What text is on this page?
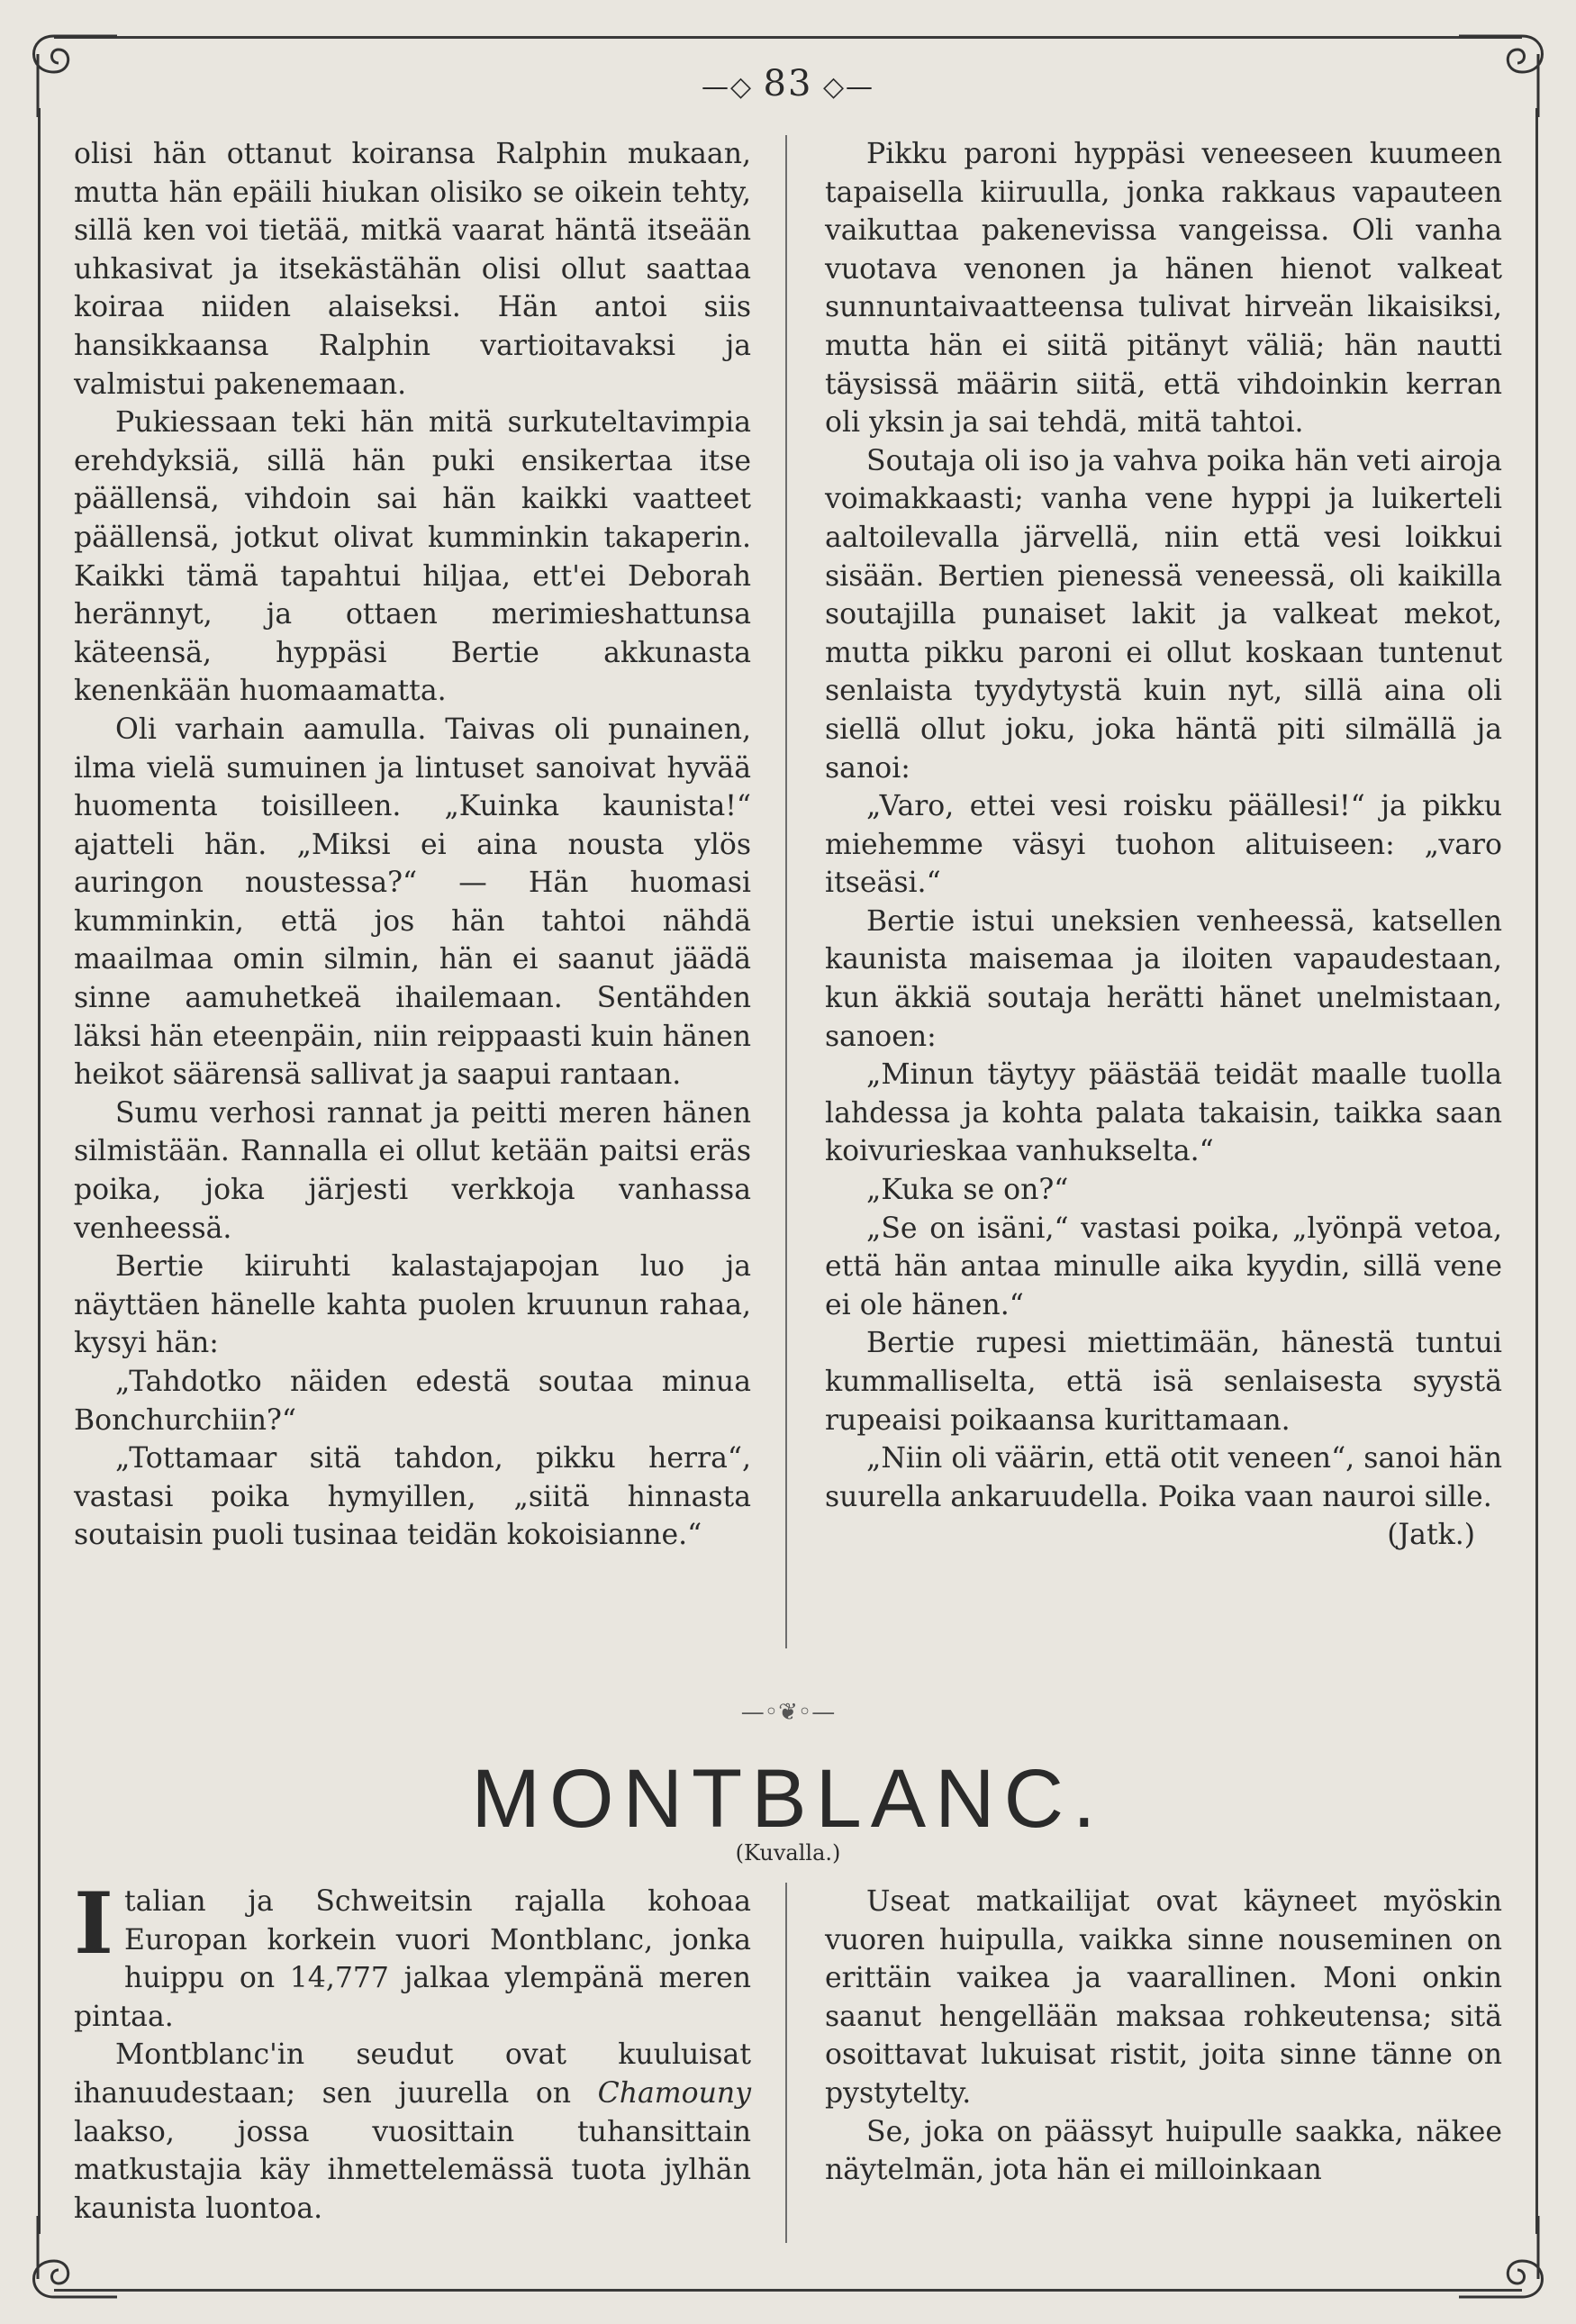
—◇ 83 ◇—

olisi hän ottanut koiransa Ralphin mukaan, mutta hän epäili hiukan olisiko se oikein tehty, sillä ken voi tietää, mitkä vaarat häntä itseään uhkasivat ja itsekästähän olisi ollut saattaa koiraa niiden alaiseksi. Hän antoi siis hansikkaansa Ralphin vartioitavaksi ja valmistui pakenemaan.

Pukiessaan teki hän mitä surkuteltavimpia erehdyksiä, sillä hän puki ensikertaa itse päällensä, vihdoin sai hän kaikki vaatteet päällensä, jotkut olivat kumminkin takaperin. Kaikki tämä tapahtui hiljaa, ett'ei Deborah herännyt, ja ottaen merimieshattunsa käteensä, hyppäsi Bertie akkunasta kenenkään huomaamatta.

Oli varhain aamulla. Taivas oli punainen, ilma vielä sumuinen ja lintuset sanoivat hyvää huomenta toisilleen. „Kuinka kaunista!“ ajatteli hän. „Miksi ei aina nousta ylös auringon noustessa?“ — Hän huomasi kumminkin, että jos hän tahtoi nähdä maailmaa omin silmin, hän ei saanut jäädä sinne aamuhetkeä ihailemaan. Sentähden läksi hän eteenpäin, niin reippaasti kuin hänen heikot säärensä sallivat ja saapui rantaan.

Sumu verhosi rannat ja peitti meren hänen silmistään. Rannalla ei ollut ketään paitsi eräs poika, joka järjesti verkkoja vanhassa venheessä.

Bertie kiiruhti kalastajapojan luo ja näyttäen hänelle kahta puolen kruunun rahaa, kysyi hän:

„Tahdotko näiden edestä soutaa minua Bonchurchiin?“

„Tottamaar sitä tahdon, pikku herra“, vastasi poika hymyillen, „siitä hinnasta soutaisin puoli tusinaa teidän kokoisianne.“

Pikku paroni hyppäsi veneeseen kuumeen tapaisella kiiruulla, jonka rakkaus vapauteen vaikuttaa pakenevissa vangeissa. Oli vanha vuotava venonen ja hänen hienot valkeat sunnuntaivaatteensa tulivat hirveän likaisiksi, mutta hän ei siitä pitänyt väliä; hän nautti täysissä määrin siitä, että vihdoinkin kerran oli yksin ja sai tehdä, mitä tahtoi.

Soutaja oli iso ja vahva poika hän veti airoja voimakkaasti; vanha vene hyppi ja luikerteli aaltoilevalla järvellä, niin että vesi loikkui sisään. Bertien pienessä veneessä, oli kaikilla soutajilla punaiset lakit ja valkeat mekot, mutta pikku paroni ei ollut koskaan tuntenut senlaista tyydytystä kuin nyt, sillä aina oli siellä ollut joku, joka häntä piti silmällä ja sanoi:

„Varo, ettei vesi roisku päällesi!“ ja pikku miehemme väsyi tuohon alituiseen: „varo itseäsi.“

Bertie istui uneksien venheessä, katsellen kaunista maisemaa ja iloiten vapaudestaan, kun äkkiä soutaja herätti hänet unelmistaan, sanoen:

„Minun täytyy päästää teidät maalle tuolla lahdessa ja kohta palata takaisin, taikka saan koivurieskaa vanhukselta.“

„Kuka se on?“

„Se on isäni,“ vastasi poika, „lyönpä vetoa, että hän antaa minulle aika kyydin, sillä vene ei ole hänen.“

Bertie rupesi miettimään, hänestä tuntui kummalliselta, että isä senlaisesta syystä rupeaisi poikaansa kurittamaan.

„Niin oli väärin, että otit veneen“, sanoi hän suurella ankaruudella. Poika vaan nauroi sille.

(Jatk.)

—◦❦◦—
MONTBLANC.
(Kuvalla.)

Italian ja Schweitsin rajalla kohoaa Europan korkein vuori Montblanc, jonka huippu on 14,777 jalkaa ylempänä meren pintaa.

Montblanc'in seudut ovat kuuluisat ihanuudestaan; sen juurella on Chamouny laakso, jossa vuosittain tuhansittain matkustajia käy ihmettelemässä tuota jylhän kaunista luontoa.

Useat matkailijat ovat käyneet myöskin vuoren huipulla, vaikka sinne nouseminen on erittäin vaikea ja vaarallinen. Moni onkin saanut hengellään maksaa rohkeutensa; sitä osoittavat lukuisat ristit, joita sinne tänne on pystytelty.

Se, joka on päässyt huipulle saakka, näkee näytelmän, jota hän ei milloinkaan
